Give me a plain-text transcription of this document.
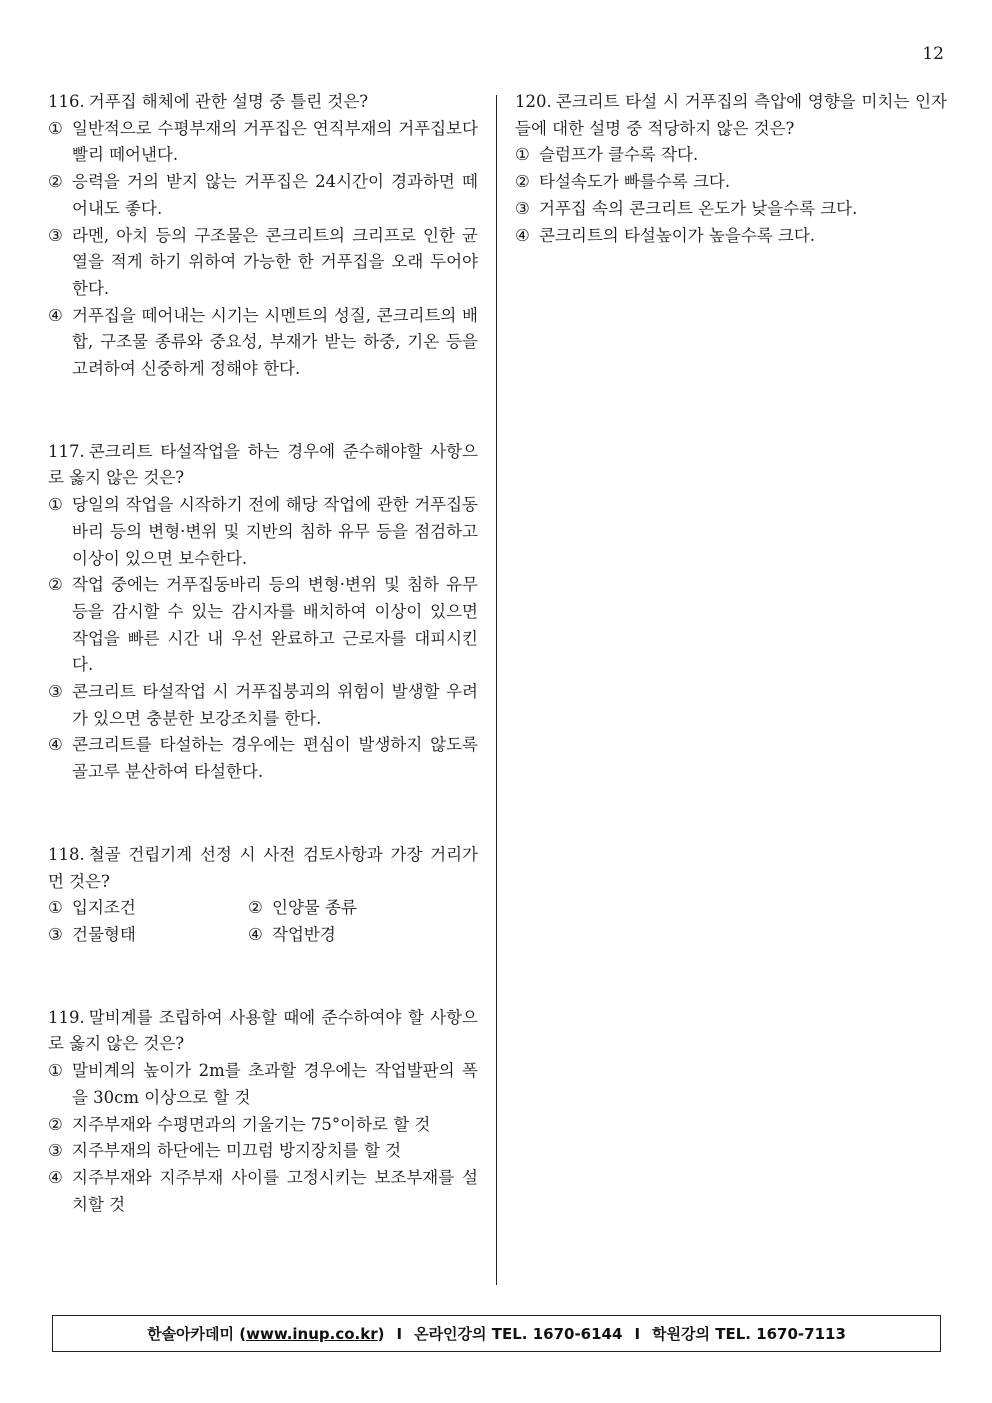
12
116. 거푸집 해체에 관한 설명 중 틀린 것은?
① 일반적으로 수평부재의 거푸집은 연직부재의 거푸집보다 빨리 떼어낸다.
② 응력을 거의 받지 않는 거푸집은 24시간이 경과하면 떼어내도 좋다.
③ 라멘, 아치 등의 구조물은 콘크리트의 크리프로 인한 균열을 적게 하기 위하여 가능한 한 거푸집을 오래 두어야 한다.
④ 거푸집을 떼어내는 시기는 시멘트의 성질, 콘크리트의 배합, 구조물 종류와 중요성, 부재가 받는 하중, 기온 등을 고려하여 신중하게 정해야 한다.
117. 콘크리트 타설작업을 하는 경우에 준수해야할 사항으로 옳지 않은 것은?
① 당일의 작업을 시작하기 전에 해당 작업에 관한 거푸집동바리 등의 변형·변위 및 지반의 침하 유무 등을 점검하고 이상이 있으면 보수한다.
② 작업 중에는 거푸집동바리 등의 변형·변위 및 침하 유무 등을 감시할 수 있는 감시자를 배치하여 이상이 있으면 작업을 빠른 시간 내 우선 완료하고 근로자를 대피시킨다.
③ 콘크리트 타설작업 시 거푸집붕괴의 위험이 발생할 우려가 있으면 충분한 보강조치를 한다.
④ 콘크리트를 타설하는 경우에는 편심이 발생하지 않도록 골고루 분산하여 타설한다.
118. 철골 건립기계 선정 시 사전 검토사항과 가장 거리가 먼 것은?
① 입지조건	② 인양물 종류
③ 건물형태	④ 작업반경
119. 말비계를 조립하여 사용할 때에 준수하여야 할 사항으로 옳지 않은 것은?
① 말비계의 높이가 2m를 초과할 경우에는 작업발판의 폭을 30cm 이상으로 할 것
② 지주부재와 수평면과의 기울기는 75°이하로 할 것
③ 지주부재의 하단에는 미끄럼 방지장치를 할 것
④ 지주부재와 지주부재 사이를 고정시키는 보조부재를 설치할 것
120. 콘크리트 타설 시 거푸집의 측압에 영향을 미치는 인자들에 대한 설명 중 적당하지 않은 것은?
① 슬럼프가 클수록 작다.
② 타설속도가 빠를수록 크다.
③ 거푸집 속의 콘크리트 온도가 낮을수록 크다.
④ 콘크리트의 타설높이가 높을수록 크다.
한솔아카데미 ( www.inup.co.kr ) I 온라인강의 TEL. 1670-6144 I 학원강의 TEL. 1670-7113
